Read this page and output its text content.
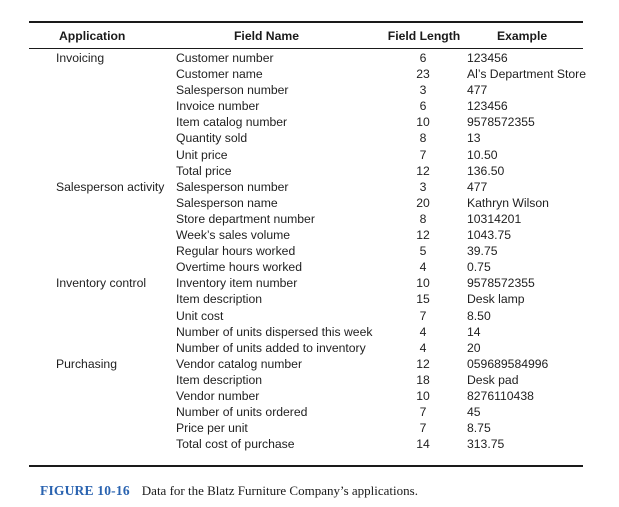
Application	Field Name	Field Length	Example
Invoicing	Customer number	6	123456
	Customer name	23	Al’s Department Store
	Salesperson number	3	477
	Invoice number	6	123456
	Item catalog number	10	9578572355
	Quantity sold	8	13
	Unit price	7	10.50
	Total price	12	136.50
Salesperson activity	Salesperson number	3	477
	Salesperson name	20	Kathryn Wilson
	Store department number	8	10314201
	Week’s sales volume	12	1043.75
	Regular hours worked	5	39.75
	Overtime hours worked	4	0.75
Inventory control	Inventory item number	10	9578572355
	Item description	15	Desk lamp
	Unit cost	7	8.50
	Number of units dispersed this week	4	14
	Number of units added to inventory	4	20
Purchasing	Vendor catalog number	12	059689584996
	Item description	18	Desk pad
	Vendor number	10	8276110438
	Number of units ordered	7	45
	Price per unit	7	8.75
	Total cost of purchase	14	313.75
FIGURE 10-16 Data for the Blatz Furniture Company’s applications.
